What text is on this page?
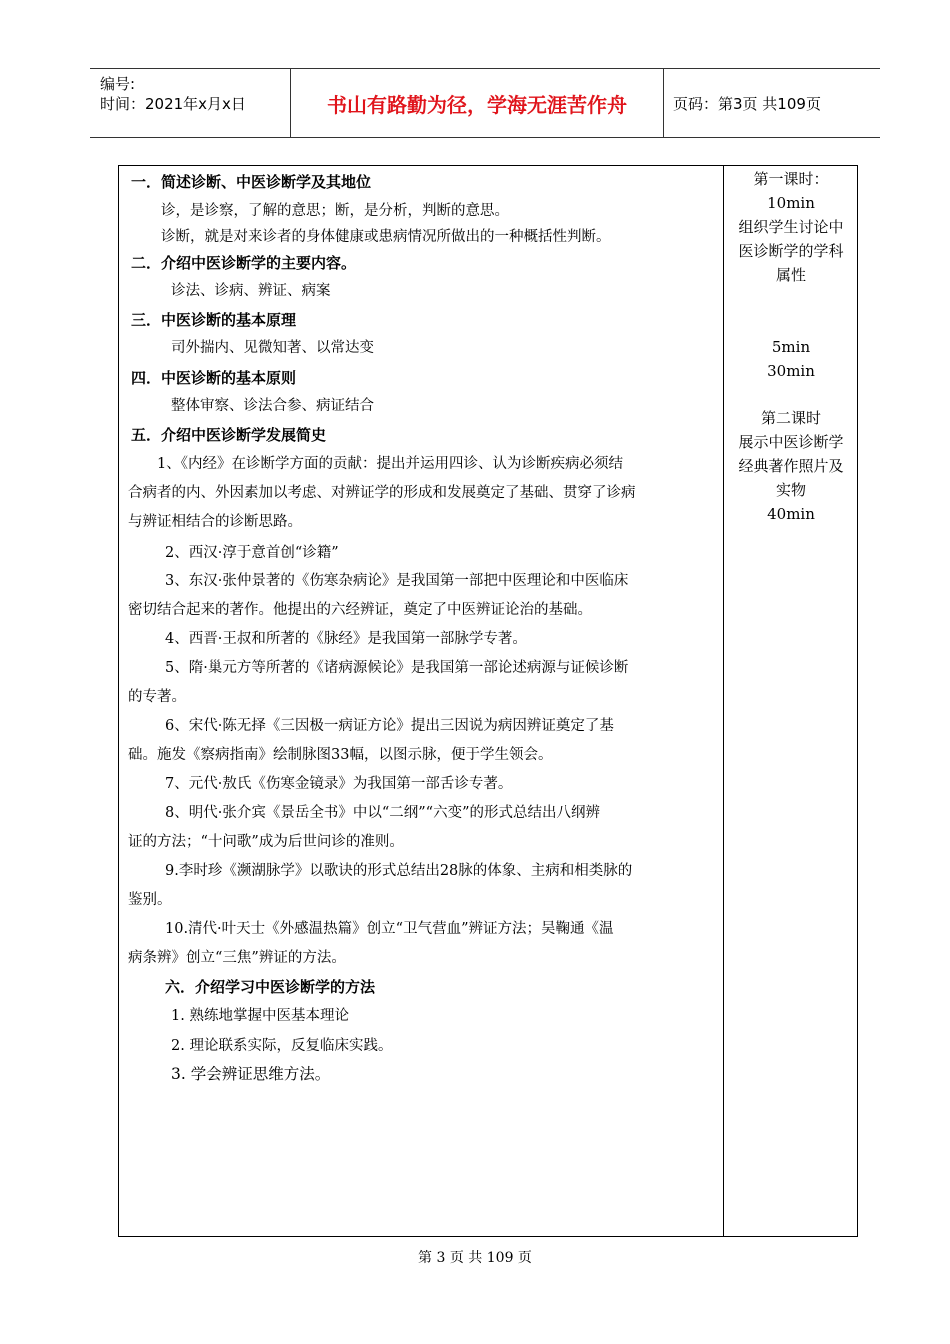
编号:
时间：2021年x月x日	书山有路勤为径，学海无涯苦作舟	页码：第3页 共109页
一．简述诊断、中医诊断学及其地位
诊，是诊察，了解的意思；断，是分析，判断的意思。
诊断，就是对来诊者的身体健康或患病情况所做出的一种概括性判断。
二．介绍中医诊断学的主要内容。
诊法、诊病、辨证、病案
三．中医诊断的基本原理
司外揣内、见微知著、以常达变
四．中医诊断的基本原则
整体审察、诊法合参、病证结合
五．介绍中医诊断学发展简史
1、《内经》在诊断学方面的贡献：提出并运用四诊、认为诊断疾病必须结
合病者的内、外因素加以考虑、对辨证学的形成和发展奠定了基础、贯穿了诊病
与辨证相结合的诊断思路。
2、西汉·淳于意首创“诊籍”
3、东汉·张仲景著的《伤寒杂病论》是我国第一部把中医理论和中医临床
密切结合起来的著作。他提出的六经辨证，奠定了中医辨证论治的基础。
4、西晋·王叔和所著的《脉经》是我国第一部脉学专著。
5、隋·巢元方等所著的《诸病源候论》是我国第一部论述病源与证候诊断
的专著。
6、宋代·陈无择《三因极一病证方论》提出三因说为病因辨证奠定了基
础。施发《察病指南》绘制脉图33幅，以图示脉，便于学生领会。
7、元代·敖氏《伤寒金镜录》为我国第一部舌诊专著。
8、明代·张介宾《景岳全书》中以“二纲”“六变”的形式总结出八纲辨
证的方法；“十问歌”成为后世问诊的准则。
9.李时珍《濒湖脉学》以歌诀的形式总结出28脉的体象、主病和相类脉的
鉴别。
10.清代·叶天士《外感温热篇》创立“卫气营血”辨证方法；吴鞠通《温
病条辨》创立“三焦”辨证的方法。
六．介绍学习中医诊断学的方法
1. 熟练地掌握中医基本理论
2. 理论联系实际，反复临床实践。
3. 学会辨证思维方法。
第一课时：
10min
组织学生讨论中
医诊断学的学科
属性
5min
30min
第二课时
展示中医诊断学
经典著作照片及
实物
40min
第 3 页 共 109 页
